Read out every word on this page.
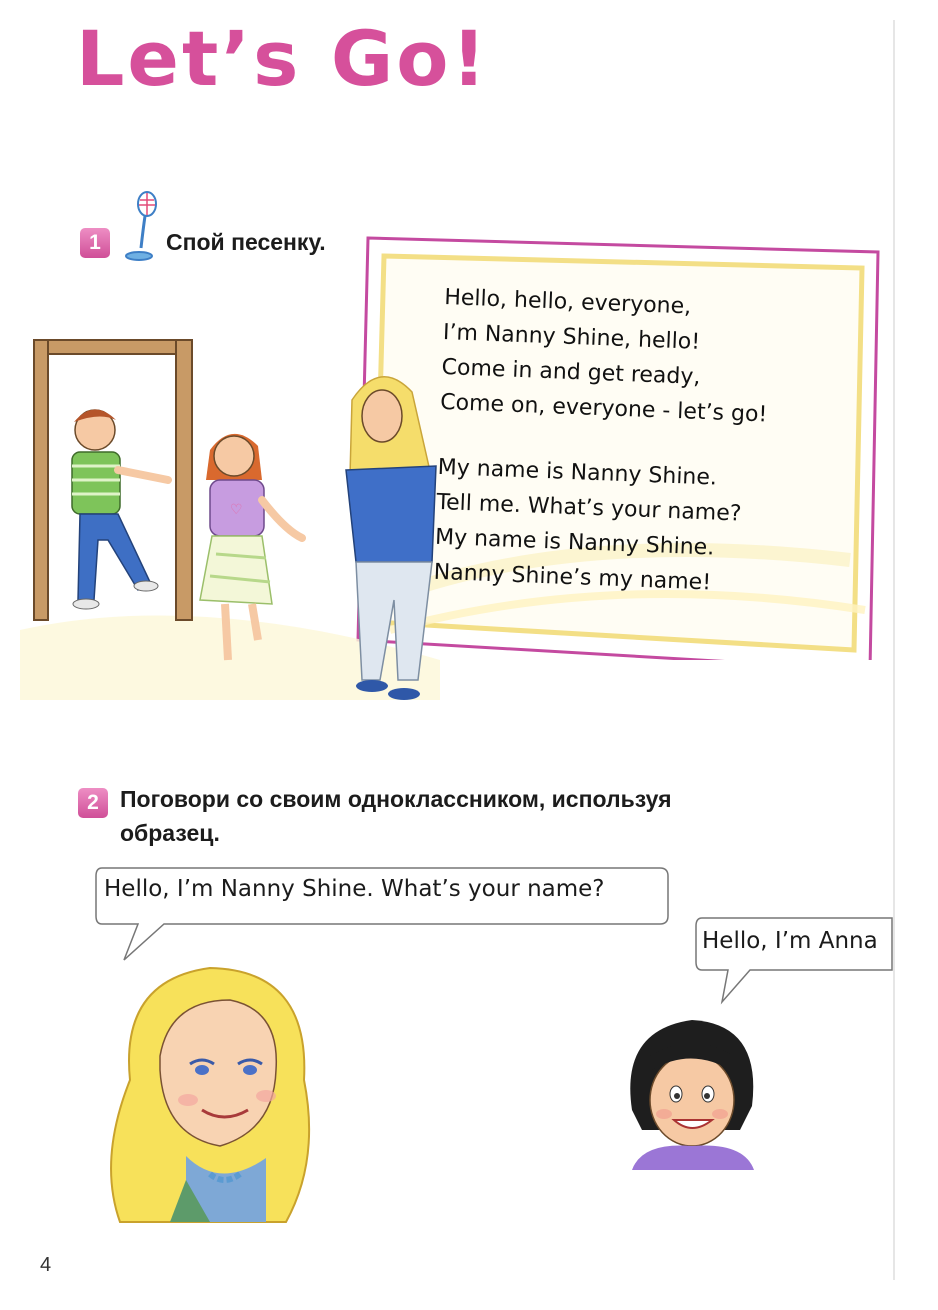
Let’s Go!
1	Спой песенку.
Hello, hello, everyone,
I’m Nanny Shine, hello!
Come in and get ready,
Come on, everyone - let’s go!
My name is Nanny Shine.
Tell me. What’s your name?
My name is Nanny Shine.
Nanny Shine’s my name!
♡
2 Поговори со своим одноклассником, используя
образец.
Hello, I’m Nanny Shine. What’s your name?
Hello, I’m Anna
4
